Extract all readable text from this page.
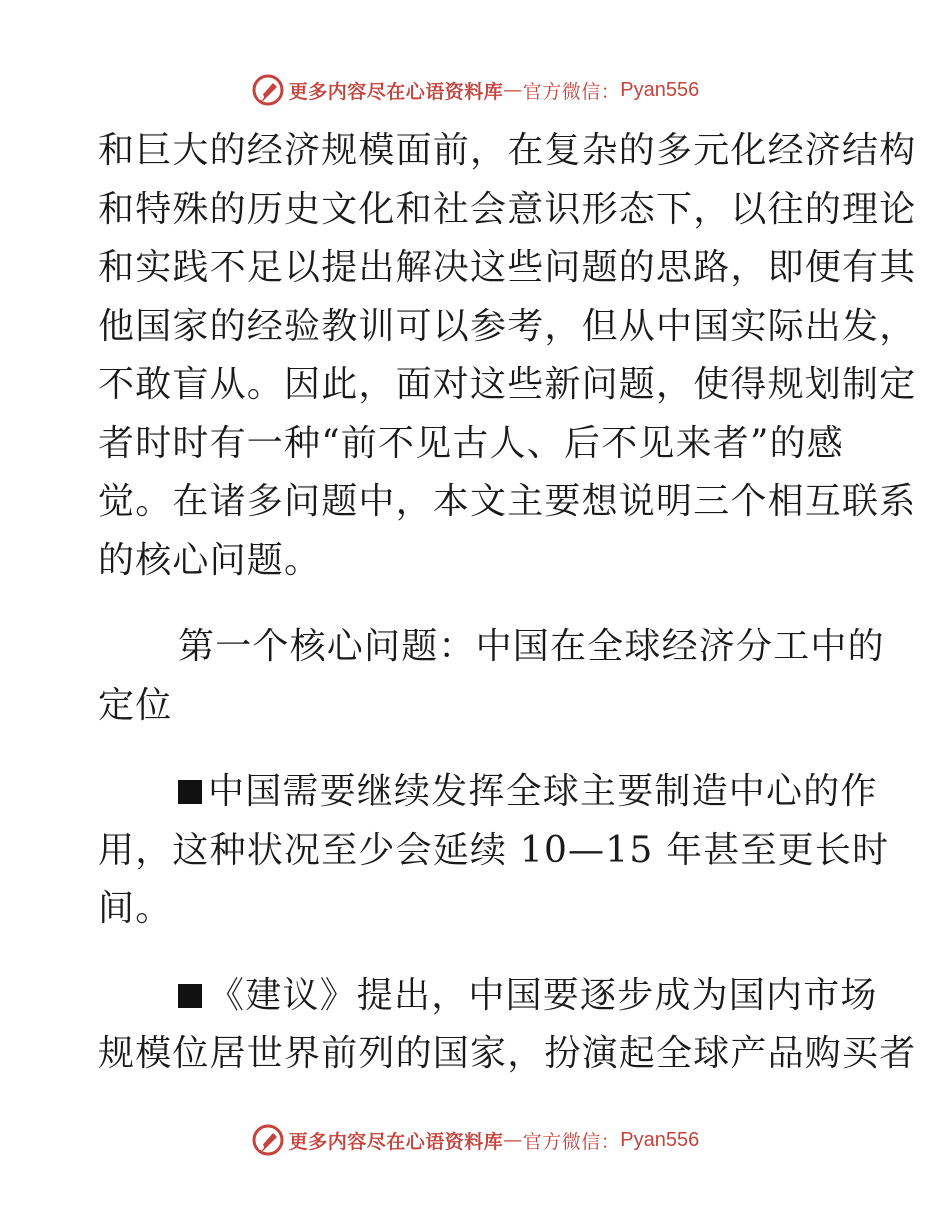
更多内容尽在心语资料库 — 官方微信： Pyan556
和巨大的经济规模面前，在复杂的多元化经济结构
和特殊的历史文化和社会意识形态下，以往的理论
和实践不足以提出解决这些问题的思路，即便有其
他国家的经验教训可以参考，但从中国实际出发，
不敢盲从。因此，面对这些新问题，使得规划制定
者时时有一种“前不见古人、后不见来者”的感
觉。在诸多问题中，本文主要想说明三个相互联系
的核心问题。
第一个核心问题：中国在全球经济分工中的
定位
中国需要继续发挥全球主要制造中心的作
用，这种状况至少会延续 10—15 年甚至更长时
间。
《建议》提出，中国要逐步成为国内市场
规模位居世界前列的国家，扮演起全球产品购买者
更多内容尽在心语资料库 — 官方微信： Pyan556
